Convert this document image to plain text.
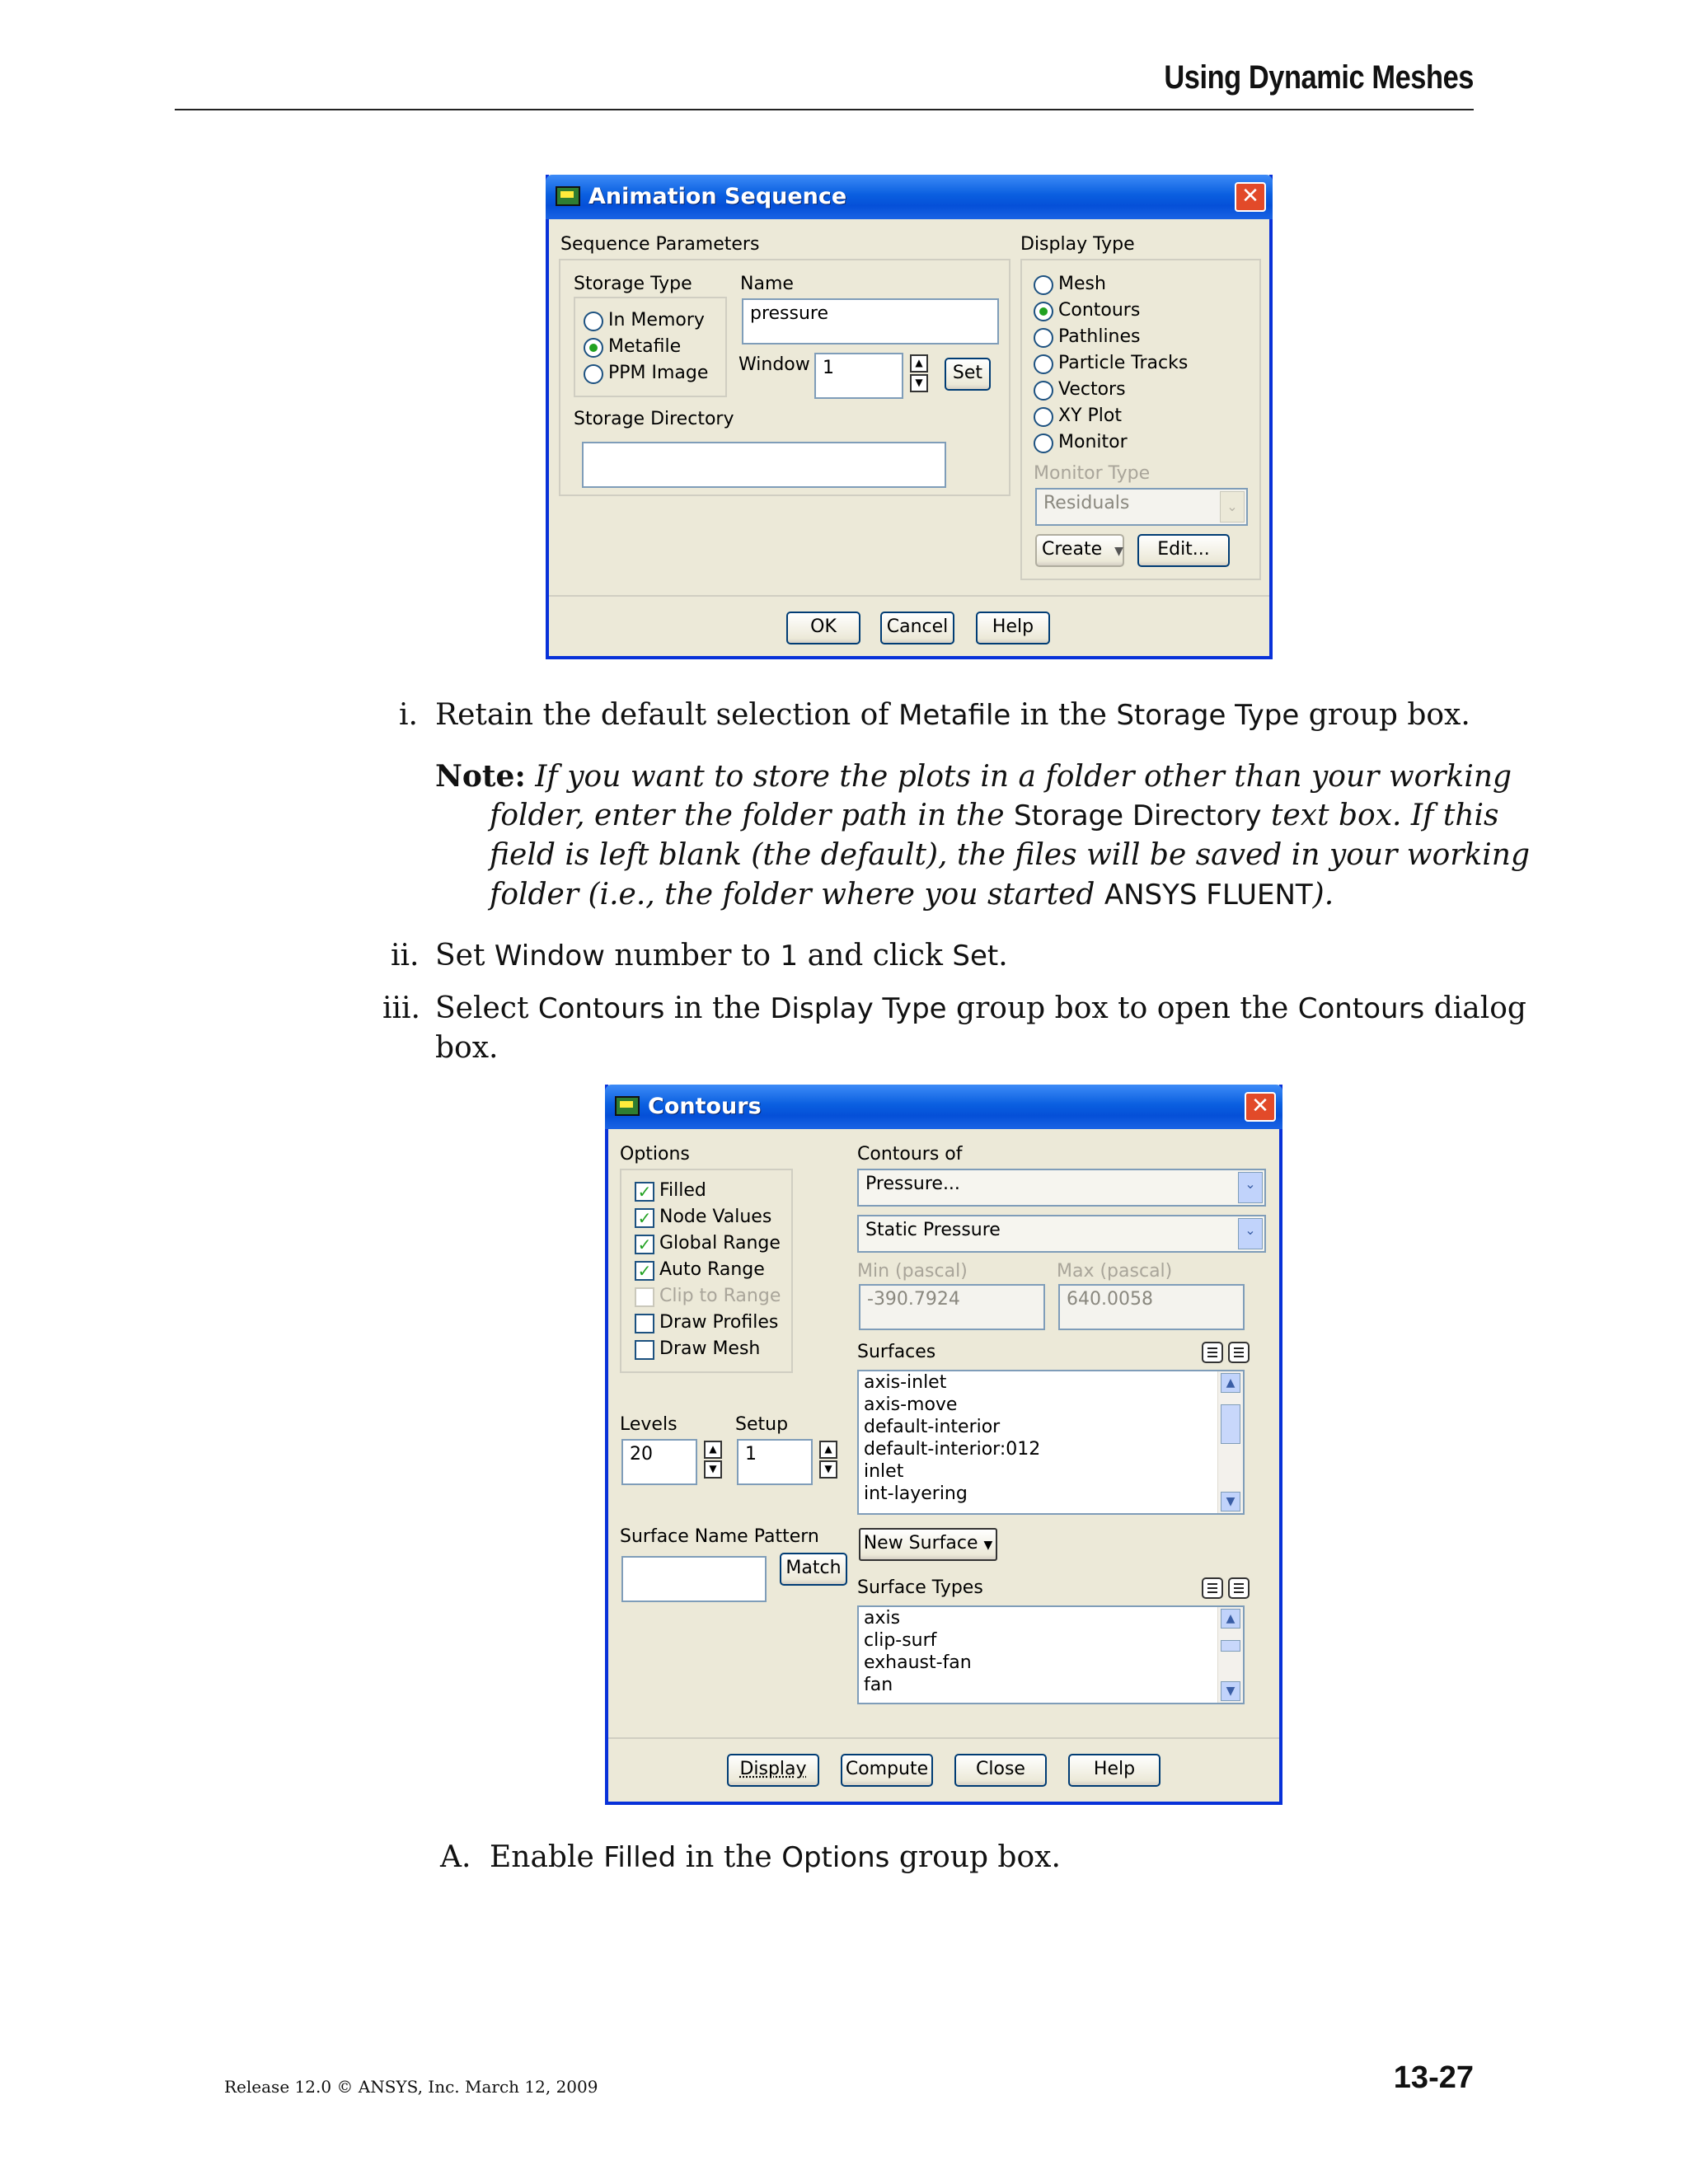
Using Dynamic Meshes
Animation Sequence	✕
Sequence Parameters
Storage Type
In Memory
Metafile
PPM Image
Name
pressure
Window 1	▲
▼	Set
Storage Directory
Display Type
Mesh
Contours
Pathlines
Particle Tracks
Vectors
XY Plot
Monitor
Monitor Type
Residuals	⌄
Create ▼	Edit...
OK	Cancel	Help
i. Retain the default selection of Metafile in the Storage Type group box.
Note: If you want to store the plots in a folder other than your working
folder, enter the folder path in the Storage Directory text box. If this
field is left blank (the default), the files will be saved in your working
folder (i.e., the folder where you started ANSYS FLUENT).
ii. Set Window number to 1 and click Set.
iii. Select Contours in the Display Type group box to open the Contours dialog
box.
Contours	✕
Options
✓ Filled
✓ Node Values
✓ Global Range
✓ Auto Range
Clip to Range
Draw Profiles
Draw Mesh
Levels
20	▲
▼
Setup
1	▲
▼
Surface Name Pattern
Match
Contours of
Pressure...	⌄
Static Pressure	⌄
Min (pascal)	Max (pascal)
-390.7924	640.0058
Surfaces
axis-inlet
axis-move
default-interior
default-interior:012
inlet
int-layering
▲
▼
New Surface ▼
Surface Types
axis
clip-surf
exhaust-fan
fan
▲
▼
Display	Compute	Close	Help
A. Enable Filled in the Options group box.
Release 12.0 © ANSYS, Inc. March 12, 2009	13-27
